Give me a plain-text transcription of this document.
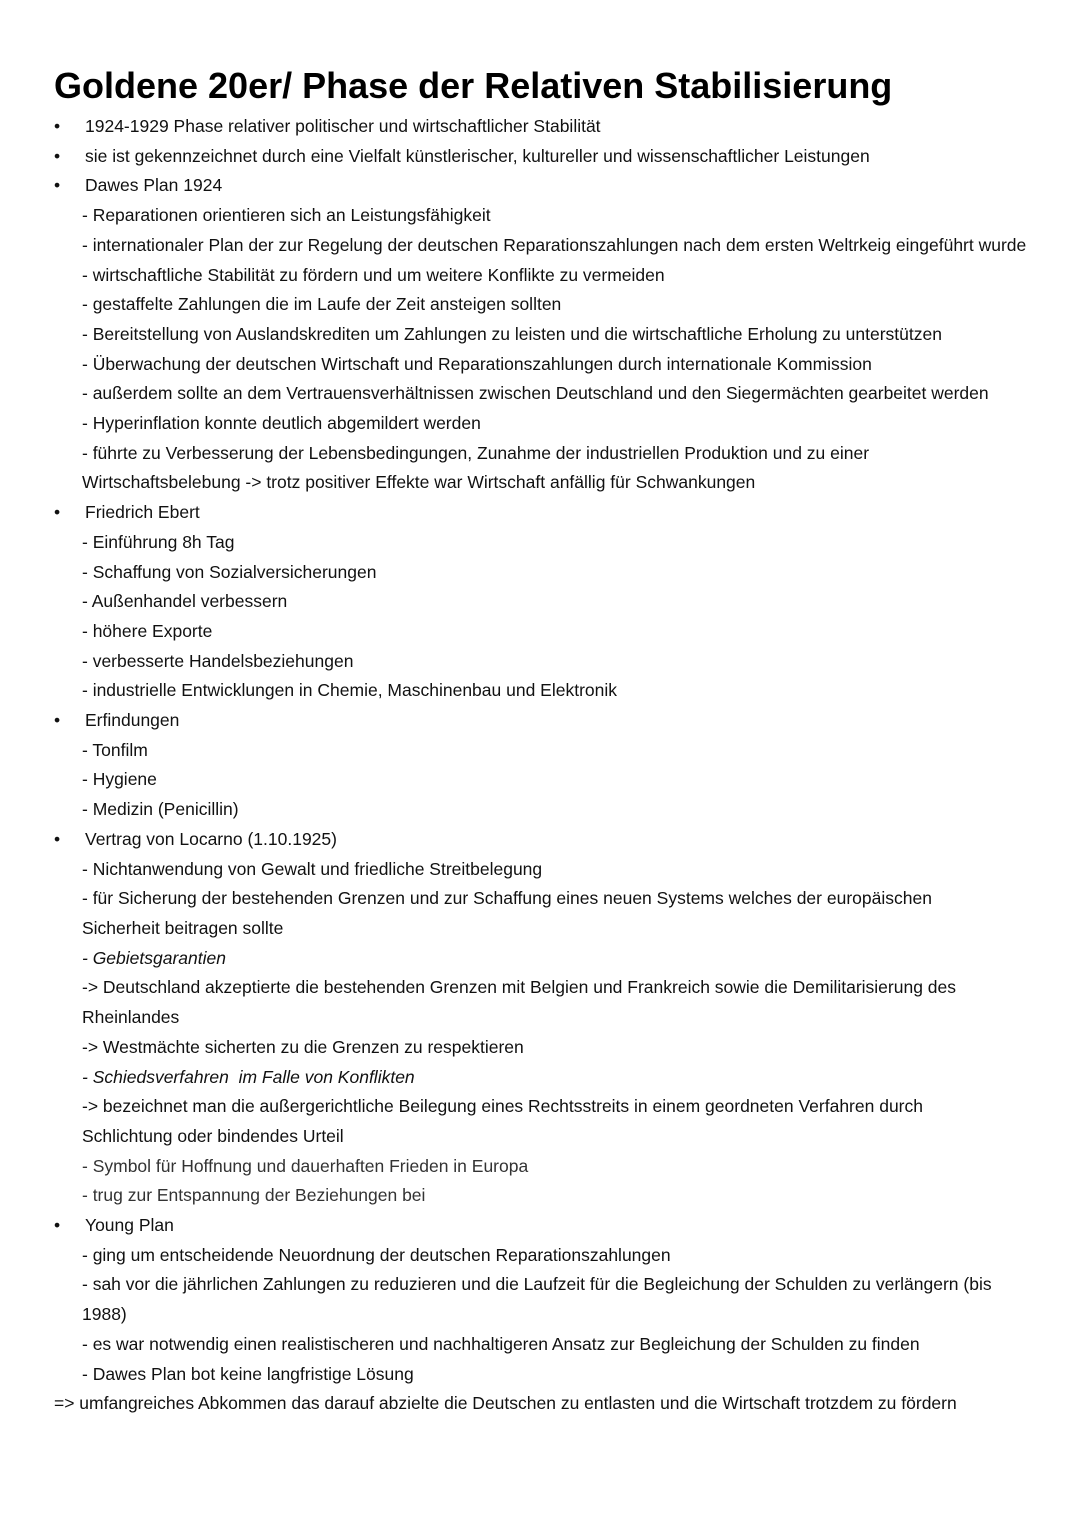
Goldene 20er/ Phase der Relativen Stabilisierung
•	1924-1929 Phase relativer politischer und wirtschaftlicher Stabilität
•	sie ist gekennzeichnet durch eine Vielfalt künstlerischer, kultureller und wissenschaftlicher Leistungen
•	Dawes Plan 1924
- Reparationen orientieren sich an Leistungsfähigkeit
- internationaler Plan der zur Regelung der deutschen Reparationszahlungen nach dem ersten Weltrkeig eingeführt wurde
- wirtschaftliche Stabilität zu fördern und um weitere Konflikte zu vermeiden
- gestaffelte Zahlungen die im Laufe der Zeit ansteigen sollten
- Bereitstellung von Auslandskrediten um Zahlungen zu leisten und die wirtschaftliche Erholung zu unterstützen
- Überwachung der deutschen Wirtschaft und Reparationszahlungen durch internationale Kommission
- außerdem sollte an dem Vertrauensverhältnissen zwischen Deutschland und den Siegermächten gearbeitet werden
- Hyperinflation konnte deutlich abgemildert werden
- führte zu Verbesserung der Lebensbedingungen, Zunahme der industriellen Produktion und zu einer Wirtschaftsbelebung -> trotz positiver Effekte war Wirtschaft anfällig für Schwankungen
•	Friedrich Ebert
- Einführung 8h Tag
- Schaffung von Sozialversicherungen
- Außenhandel verbessern
- höhere Exporte
- verbesserte Handelsbeziehungen
- industrielle Entwicklungen in Chemie, Maschinenbau und Elektronik
•	Erfindungen
- Tonfilm
- Hygiene
- Medizin (Penicillin)
•	Vertrag von Locarno (1.10.1925)
- Nichtanwendung von Gewalt und friedliche Streitbelegung
- für Sicherung der bestehenden Grenzen und zur Schaffung eines neuen Systems welches der europäischen Sicherheit beitragen sollte
- Gebietsgarantien
-> Deutschland akzeptierte die bestehenden Grenzen mit Belgien und Frankreich sowie die Demilitarisierung des Rheinlandes
-> Westmächte sicherten zu die Grenzen zu respektieren
- Schiedsverfahren  im Falle von Konflikten
-> bezeichnet man die außergerichtliche Beilegung eines Rechtsstreits in einem geordneten Verfahren durch Schlichtung oder bindendes Urteil
- Symbol für Hoffnung und dauerhaften Frieden in Europa
- trug zur Entspannung der Beziehungen bei
•	Young Plan
- ging um entscheidende Neuordnung der deutschen Reparationszahlungen
- sah vor die jährlichen Zahlungen zu reduzieren und die Laufzeit für die Begleichung der Schulden zu verlängern (bis 1988)
- es war notwendig einen realistischeren und nachhaltigeren Ansatz zur Begleichung der Schulden zu finden
- Dawes Plan bot keine langfristige Lösung
=> umfangreiches Abkommen das darauf abzielte die Deutschen zu entlasten und die Wirtschaft trotzdem zu fördern
